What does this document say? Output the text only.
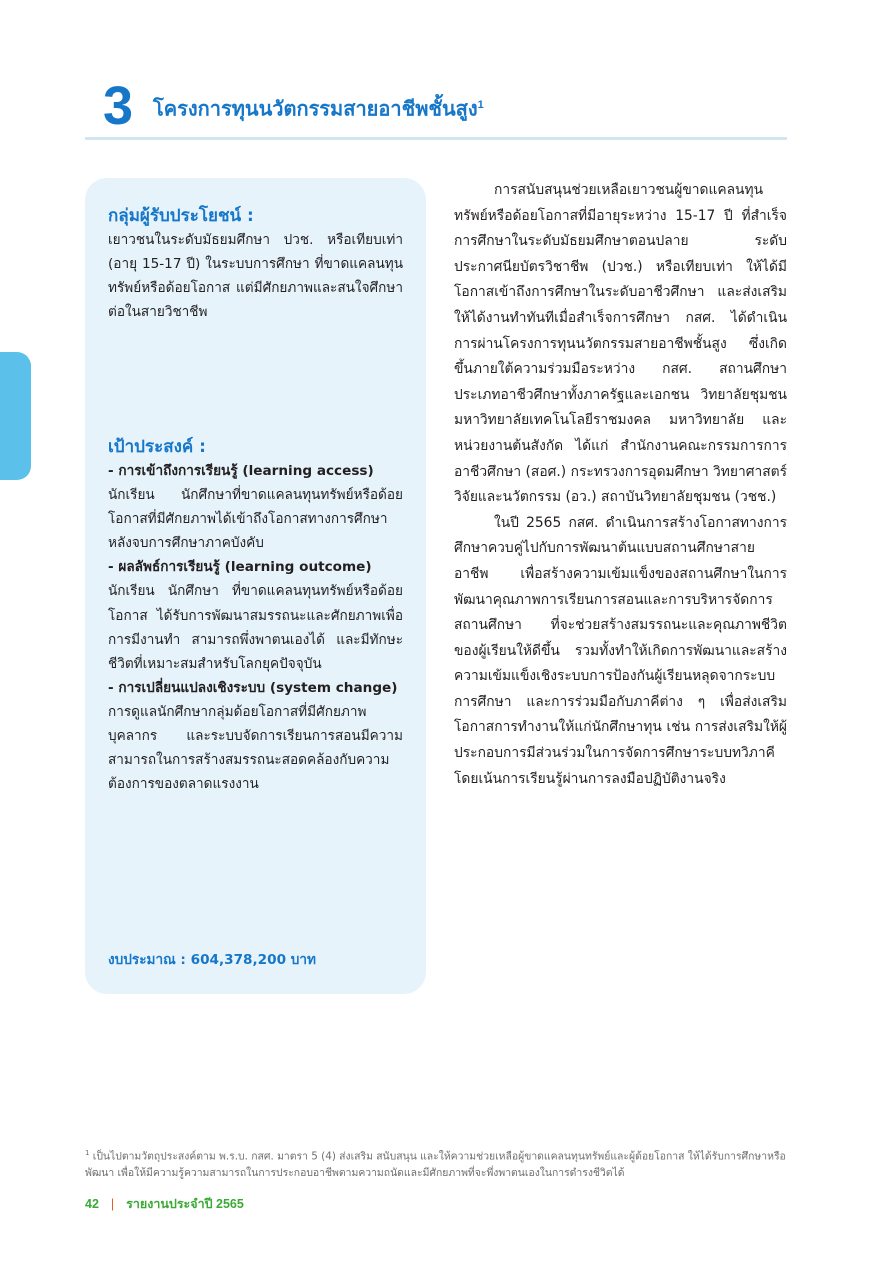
3 โครงการทุนนวัตกรรมสายอาชีพชั้นสูง$^1$
กลุ่มผู้รับประโยชน์ :
เยาวชนในระดับมัธยมศึกษา ปวช. หรือเทียบเท่า (อายุ 15-17 ปี) ในระบบการศึกษา ที่ขาดแคลนทุนทรัพย์หรือด้อยโอกาส แต่มีศักยภาพและสนใจศึกษาต่อในสายวิชาชีพ
เป้าประสงค์ :
- การเข้าถึงการเรียนรู้ (learning access)
นักเรียน นักศึกษาที่ขาดแคลนทุนทรัพย์หรือด้อยโอกาสที่มีศักยภาพได้เข้าถึงโอกาสทางการศึกษาหลังจบการศึกษาภาคบังคับ
- ผลลัพธ์การเรียนรู้ (learning outcome)
นักเรียน นักศึกษา ที่ขาดแคลนทุนทรัพย์หรือด้อยโอกาส ได้รับการพัฒนาสมรรถนะและศักยภาพเพื่อการมีงานทำ สามารถพึ่งพาตนเองได้ และมีทักษะชีวิตที่เหมาะสมสำหรับโลกยุคปัจจุบัน
- การเปลี่ยนแปลงเชิงระบบ (system change)
การดูแลนักศึกษากลุ่มด้อยโอกาสที่มีศักยภาพบุคลากร และระบบจัดการเรียนการสอนมีความสามารถในการสร้างสมรรถนะสอดคล้องกับความต้องการของตลาดแรงงาน
งบประมาณ : 604,378,200 บาท

การสนับสนุนช่วยเหลือเยาวชนผู้ขาดแคลนทุนทรัพย์หรือด้อยโอกาสที่มีอายุระหว่าง 15-17 ปี ที่สำเร็จการศึกษาในระดับมัธยมศึกษาตอนปลาย ระดับประกาศนียบัตรวิชาชีพ (ปวช.) หรือเทียบเท่า ให้ได้มีโอกาสเข้าถึงการศึกษาในระดับอาชีวศึกษา และส่งเสริมให้ได้งานทำทันทีเมื่อสำเร็จการศึกษา กสศ. ได้ดำเนินการผ่านโครงการทุนนวัตกรรมสายอาชีพชั้นสูง ซึ่งเกิดขึ้นภายใต้ความร่วมมือระหว่าง กสศ. สถานศึกษาประเภทอาชีวศึกษาทั้งภาครัฐและเอกชน วิทยาลัยชุมชน มหาวิทยาลัยเทคโนโลยีราชมงคล มหาวิทยาลัย และหน่วยงานต้นสังกัด ได้แก่ สำนักงานคณะกรรมการการอาชีวศึกษา (สอศ.) กระทรวงการอุดมศึกษา วิทยาศาสตร์ วิจัยและนวัตกรรม (อว.) สถาบันวิทยาลัยชุมชน (วชช.)

ในปี 2565 กสศ. ดำเนินการสร้างโอกาสทางการศึกษาควบคู่ไปกับการพัฒนาต้นแบบสถานศึกษาสายอาชีพ เพื่อสร้างความเข้มแข็งของสถานศึกษาในการพัฒนาคุณภาพการเรียนการสอนและการบริหารจัดการสถานศึกษา ที่จะช่วยสร้างสมรรถนะและคุณภาพชีวิตของผู้เรียนให้ดีขึ้น รวมทั้งทำให้เกิดการพัฒนาและสร้างความเข้มแข็งเชิงระบบการป้องกันผู้เรียนหลุดจากระบบการศึกษา และการร่วมมือกับภาคีต่าง ๆ เพื่อส่งเสริมโอกาสการทำงานให้แก่นักศึกษาทุน เช่น การส่งเสริมให้ผู้ประกอบการมีส่วนร่วมในการจัดการศึกษาระบบทวิภาคี โดยเน้นการเรียนรู้ผ่านการลงมือปฏิบัติงานจริง

$^1$ เป็นไปตามวัตถุประสงค์ตาม พ.ร.บ. กสศ. มาตรา 5 (4) ส่งเสริม สนับสนุน และให้ความช่วยเหลือผู้ขาดแคลนทุนทรัพย์และผู้ด้อยโอกาส ให้ได้รับการศึกษาหรือพัฒนา เพื่อให้มีความรู้ความสามารถในการประกอบอาชีพตามความถนัดและมีศักยภาพที่จะพึ่งพาตนเองในการดำรงชีวิตได้
42 | รายงานประจำปี 2565
